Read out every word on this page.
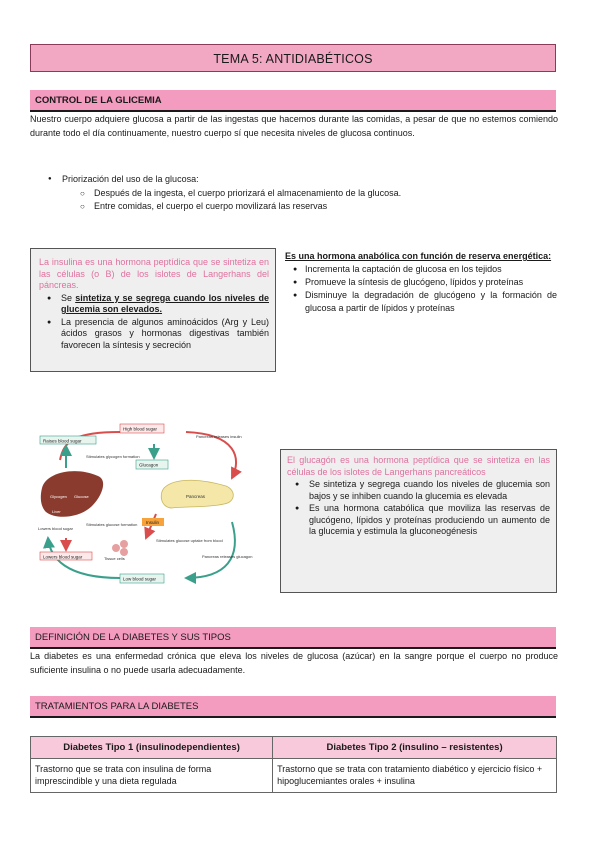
TEMA 5: ANTIDIABÉTICOS
CONTROL DE LA GLICEMIA

Nuestro cuerpo adquiere glucosa a partir de las ingestas que hacemos durante las comidas, a pesar de que no estemos comiendo durante todo el día continuamente, nuestro cuerpo sí que necesita niveles de glucosa continuos.

● Priorización del uso de la glucosa:
○ Después de la ingesta, el cuerpo priorizará el almacenamiento de la glucosa.
○ Entre comidas, el cuerpo el cuerpo movilizará las reservas
La insulina es una hormona peptídica que se sintetiza en las células (o B) de los islotes de Langerhans del páncreas.
● Se sintetiza y se segrega cuando los niveles de glucemia son elevados.
● La presencia de algunos aminoácidos (Arg y Leu) ácidos grasos y hormonas digestivas también favorecen la síntesis y secreción
Es una hormona anabólica con función de reserva energética:
● Incrementa la captación de glucosa en los tejidos
● Promueve la síntesis de glucógeno, lípidos y proteínas
● Disminuye la degradación de glucógeno y la formación de glucosa a partir de lípidos y proteínas
Raises blood sugar
High blood sugar
Pancreas releases insulin
Stimulates glycogen formation
Glucagon
Glycogen Glucose
Liver
Pancreas
Insulin
Stimulates glucose formation
Tissue cells
Stimulates glucose uptake from blood
Lowers blood sugar
Lowers blood sugar
Low blood sugar
Pancreas releases glucagon
El glucagón es una hormona peptídica que se sintetiza en las células de los islotes de Langerhans pancreáticos
● Se sintetiza y segrega cuando los niveles de glucemia son bajos y se inhiben cuando la glucemia es elevada
● Es una hormona catabólica que moviliza las reservas de glucógeno, lípidos y proteínas produciendo un aumento de la glucemia y estimula la gluconeogénesis
DEFINICIÓN DE LA DIABETES Y SUS TIPOS

La diabetes es una enfermedad crónica que eleva los niveles de glucosa (azúcar) en la sangre porque el cuerpo no produce suficiente insulina o no puede usarla adecuadamente.

TRATAMIENTOS PARA LA DIABETES
Diabetes Tipo 1 (insulinodependientes)	Diabetes Tipo 2 (insulino – resistentes)
Trastorno que se trata con insulina de forma imprescindible y una dieta regulada	Trastorno que se trata con tratamiento diabético y ejercicio físico + hipoglucemiantes orales + insulina
